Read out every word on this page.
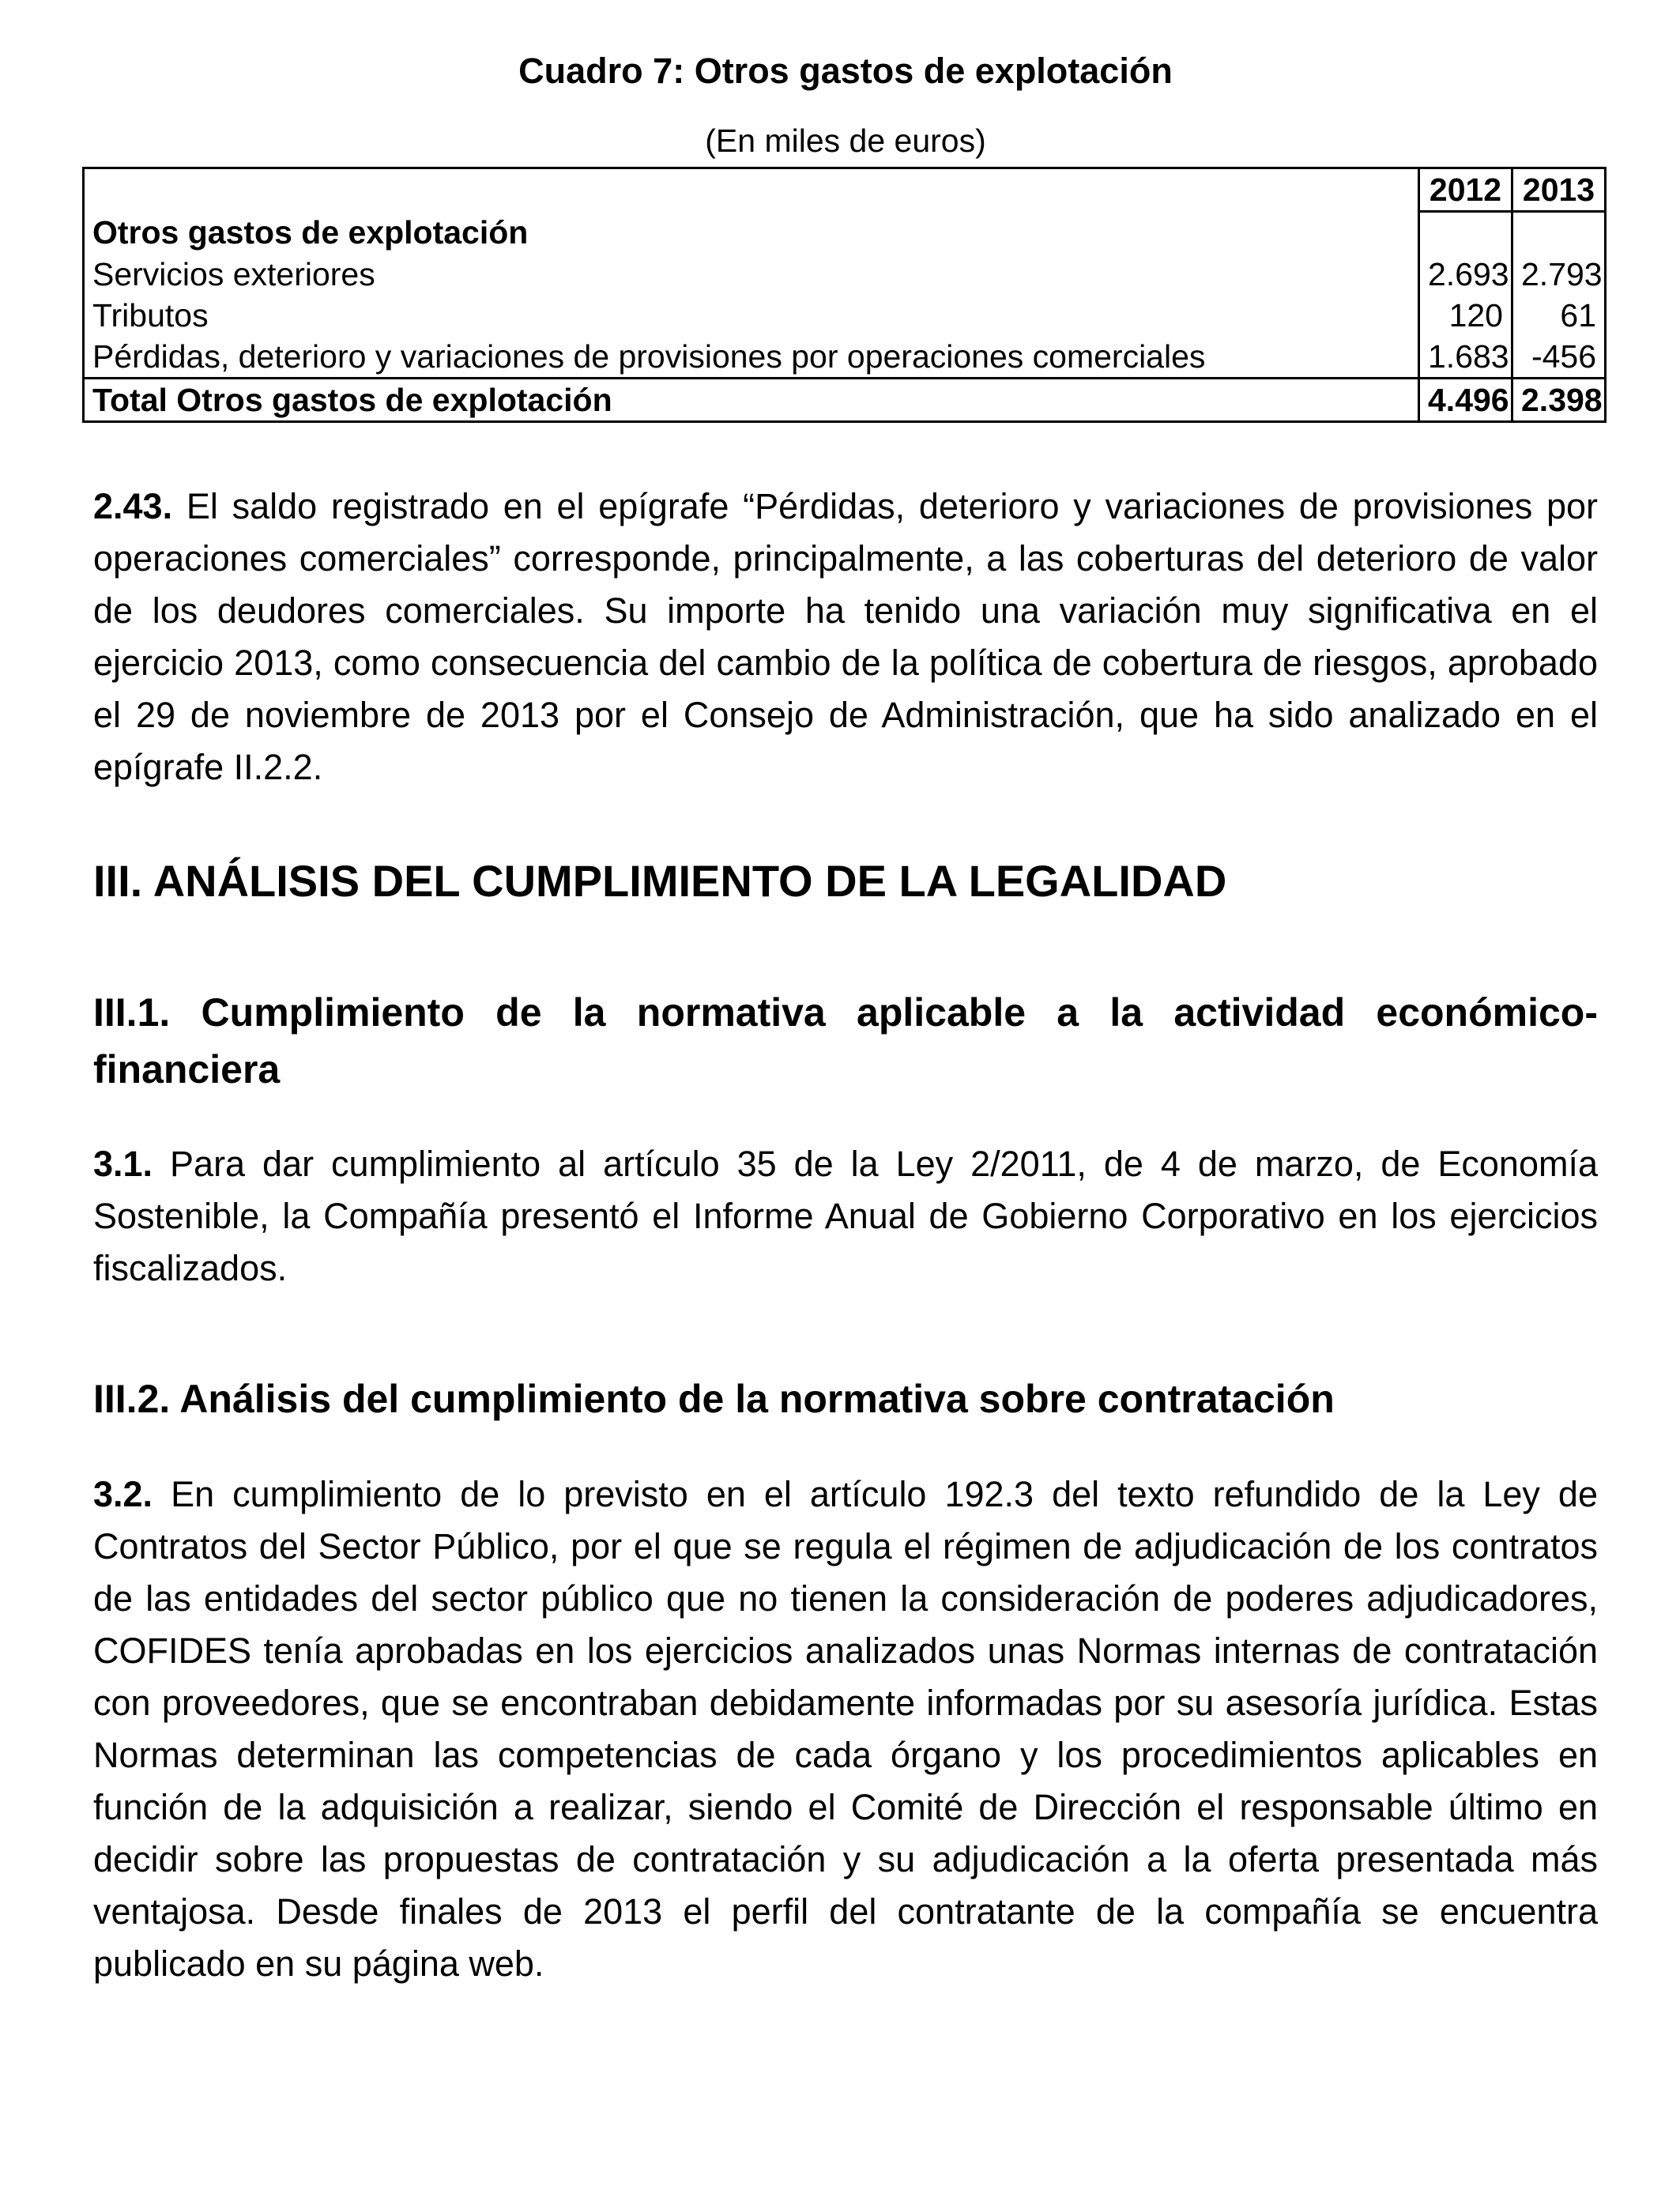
Cuadro 7: Otros gastos de explotación
(En miles de euros)
	2012	2013
Otros gastos de explotación		
Servicios exteriores	2.693	2.793
Tributos	120	61
Pérdidas, deterioro y variaciones de provisiones por operaciones comerciales	1.683	-456
Total Otros gastos de explotación	4.496	2.398
2.43. El saldo registrado en el epígrafe “Pérdidas, deterioro y variaciones de provisiones por operaciones comerciales” corresponde, principalmente, a las coberturas del deterioro de valor de los deudores comerciales. Su importe ha tenido una variación muy significativa en el ejercicio 2013, como consecuencia del cambio de la política de cobertura de riesgos, aprobado el 29 de noviembre de 2013 por el Consejo de Administración, que ha sido analizado en el epígrafe II.2.2.
III. ANÁLISIS DEL CUMPLIMIENTO DE LA LEGALIDAD
III.1. Cumplimiento de la normativa aplicable a la actividad económico-financiera
3.1. Para dar cumplimiento al artículo 35 de la Ley 2/2011, de 4 de marzo, de Economía Sostenible, la Compañía presentó el Informe Anual de Gobierno Corporativo en los ejercicios fiscalizados.
III.2. Análisis del cumplimiento de la normativa sobre contratación
3.2. En cumplimiento de lo previsto en el artículo 192.3 del texto refundido de la Ley de Contratos del Sector Público, por el que se regula el régimen de adjudicación de los contratos de las entidades del sector público que no tienen la consideración de poderes adjudicadores, COFIDES tenía aprobadas en los ejercicios analizados unas Normas internas de contratación con proveedores, que se encontraban debidamente informadas por su asesoría jurídica. Estas Normas determinan las competencias de cada órgano y los procedimientos aplicables en función de la adquisición a realizar, siendo el Comité de Dirección el responsable último en decidir sobre las propuestas de contratación y su adjudicación a la oferta presentada más ventajosa. Desde finales de 2013 el perfil del contratante de la compañía se encuentra publicado en su página web.
